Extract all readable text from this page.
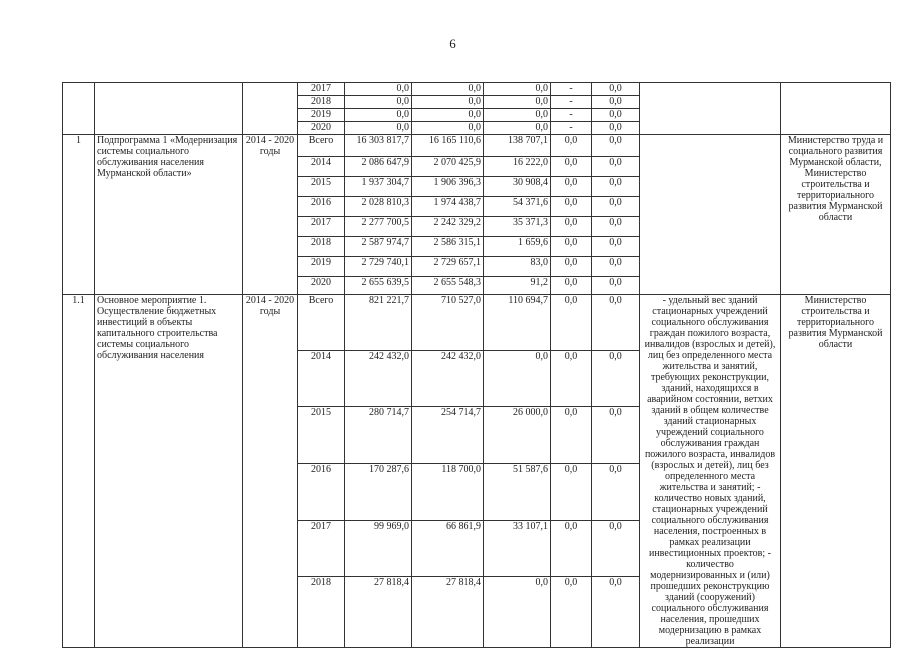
6
			2017	0,0	0,0	0,0	-	0,0		
			2018	0,0	0,0	0,0	-	0,0		
			2019	0,0	0,0	0,0	-	0,0		
			2020	0,0	0,0	0,0	-	0,0		
1	Подпрограмма 1 «Модернизация системы социального обслуживания населения Мурманской области»	2014 - 2020 годы	Всего	16 303 817,7	16 165 110,6	138 707,1	0,0	0,0		Министерство труда и социального развития Мурманской области, Министерство строительства и территориального развития Мурманской области
			2014	2 086 647,9	2 070 425,9	16 222,0	0,0	0,0		
			2015	1 937 304,7	1 906 396,3	30 908,4	0,0	0,0		
			2016	2 028 810,3	1 974 438,7	54 371,6	0,0	0,0		
			2017	2 277 700,5	2 242 329,2	35 371,3	0,0	0,0		
			2018	2 587 974,7	2 586 315,1	1 659,6	0,0	0,0		
			2019	2 729 740,1	2 729 657,1	83,0	0,0	0,0		
			2020	2 655 639,5	2 655 548,3	91,2	0,0	0,0		
1.1	Основное мероприятие 1. Осуществление бюджетных инвестиций в объекты капитального строительства системы социального обслуживания населения	2014 - 2020 годы	Всего	821 221,7	710 527,0	110 694,7	0,0	0,0	- удельный вес зданий стационарных учреждений социального обслуживания граждан пожилого возраста, инвалидов (взрослых и детей), лиц без определенного места жительства и занятий, требующих реконструкции, зданий, находящихся в аварийном состоянии, ветхих зданий в общем количестве зданий стационарных учреждений социального обслуживания граждан пожилого возраста, инвалидов (взрослых и детей), лиц без определенного места жительства и занятий; - количество новых зданий, стационарных учреждений социального обслуживания населения, построенных в рамках реализации инвестиционных проектов; - количество модернизированных и (или) прошедших реконструкцию зданий (сооружений) социального обслуживания населения, прошедших модернизацию в рамках реализации	Министерство строительства и территориального развития Мурманской области
			2014	242 432,0	242 432,0	0,0	0,0	0,0		
			2015	280 714,7	254 714,7	26 000,0	0,0	0,0		
			2016	170 287,6	118 700,0	51 587,6	0,0	0,0		
			2017	99 969,0	66 861,9	33 107,1	0,0	0,0		
			2018	27 818,4	27 818,4	0,0	0,0	0,0		
